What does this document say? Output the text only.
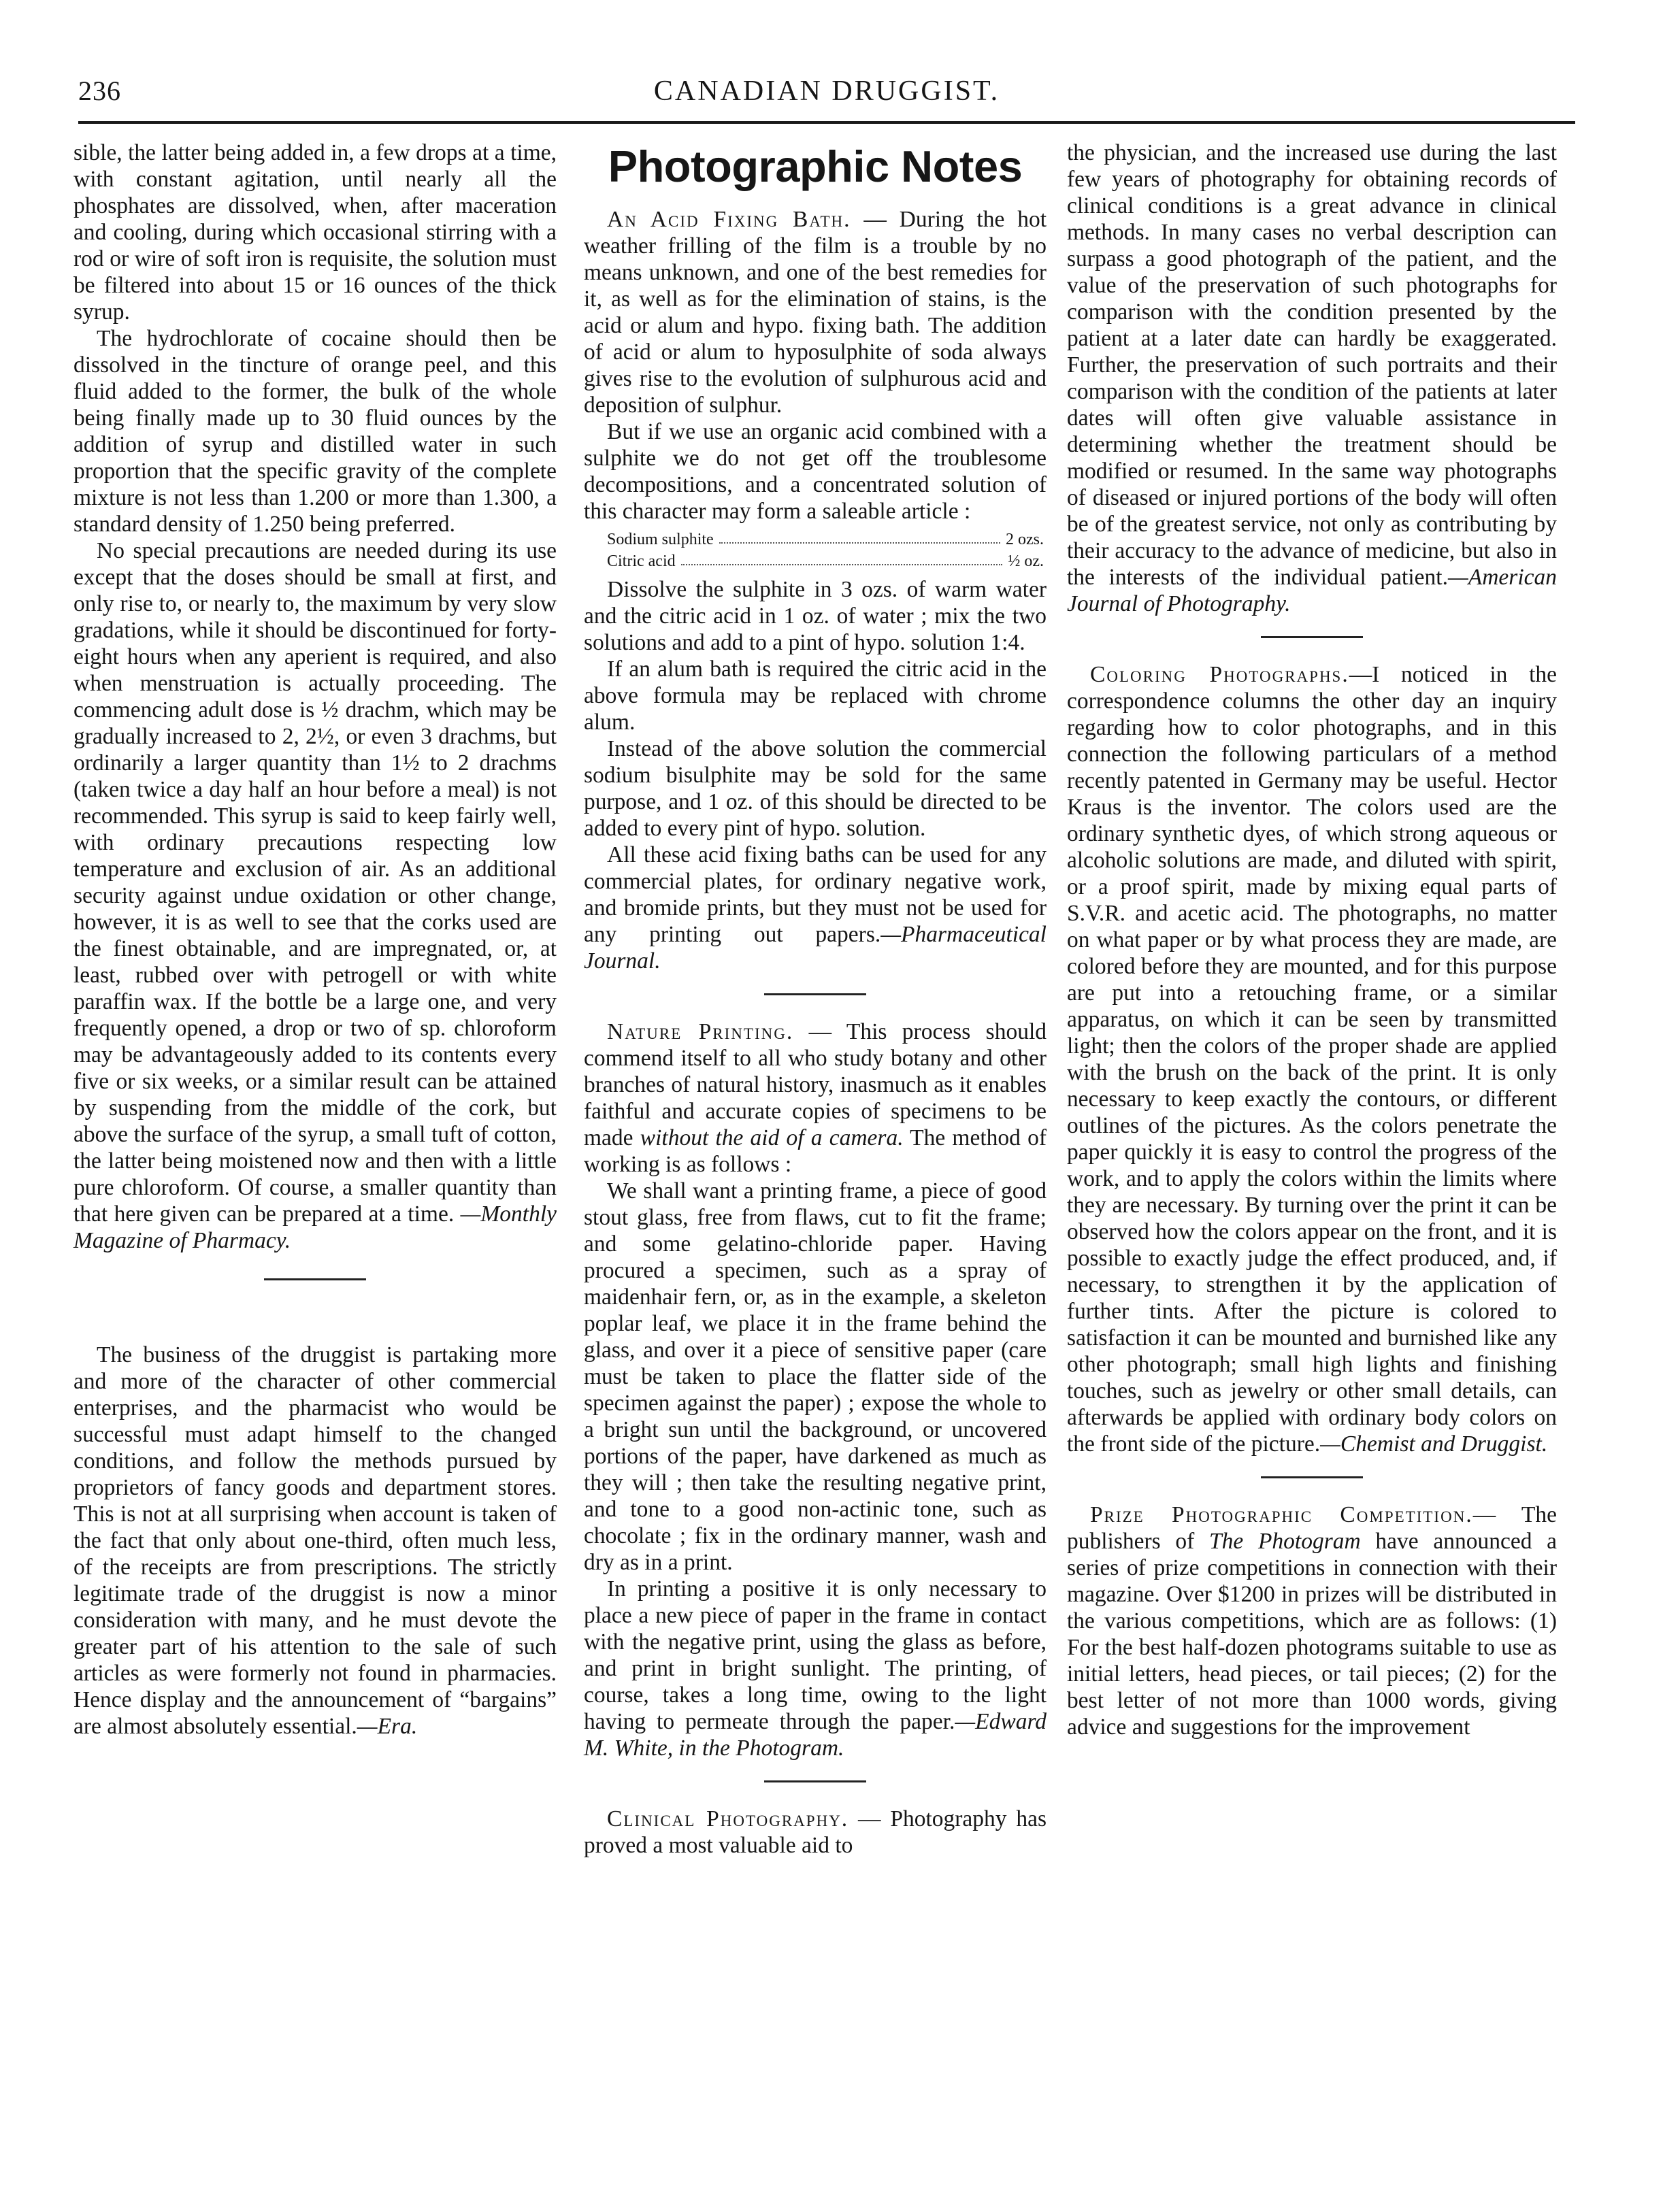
236	CANADIAN DRUGGIST.

sible, the latter being added in, a few drops at a time, with constant agitation, until nearly all the phosphates are dissolved, when, after maceration and cooling, during which occasional stirring with a rod or wire of soft iron is requisite, the solution must be filtered into about 15 or 16 ounces of the thick syrup.

The hydrochlorate of cocaine should then be dissolved in the tincture of orange peel, and this fluid added to the former, the bulk of the whole being finally made up to 30 fluid ounces by the addition of syrup and distilled water in such proportion that the specific gravity of the complete mixture is not less than 1.200 or more than 1.300, a standard density of 1.250 being preferred.

No special precautions are needed during its use except that the doses should be small at first, and only rise to, or nearly to, the maximum by very slow gradations, while it should be discontinued for forty-eight hours when any aperient is required, and also when menstruation is actually proceeding. The commencing adult dose is ½ drachm, which may be gradually increased to 2, 2½, or even 3 drachms, but ordinarily a larger quantity than 1½ to 2 drachms (taken twice a day half an hour before a meal) is not recommended. This syrup is said to keep fairly well, with ordinary precautions respecting low temperature and exclusion of air. As an additional security against undue oxidation or other change, however, it is as well to see that the corks used are the finest obtainable, and are impregnated, or, at least, rubbed over with petrogell or with white paraffin wax. If the bottle be a large one, and very frequently opened, a drop or two of sp. chloroform may be advantageously added to its contents every five or six weeks, or a similar result can be attained by suspending from the middle of the cork, but above the surface of the syrup, a small tuft of cotton, the latter being moistened now and then with a little pure chloroform. Of course, a smaller quantity than that here given can be prepared at a time. —Monthly Magazine of Pharmacy.

The business of the druggist is partaking more and more of the character of other commercial enterprises, and the pharmacist who would be successful must adapt himself to the changed conditions, and follow the methods pursued by proprietors of fancy goods and department stores. This is not at all surprising when account is taken of the fact that only about one-third, often much less, of the receipts are from prescriptions. The strictly legitimate trade of the druggist is now a minor consideration with many, and he must devote the greater part of his attention to the sale of such articles as were formerly not found in pharmacies. Hence display and the announcement of “bargains” are almost absolutely essential.—Era.

Photographic Notes

An Acid Fixing Bath. — During the hot weather frilling of the film is a trouble by no means unknown, and one of the best remedies for it, as well as for the elimination of stains, is the acid or alum and hypo. fixing bath. The addition of acid or alum to hyposulphite of soda always gives rise to the evolution of sulphurous acid and deposition of sulphur.

But if we use an organic acid combined with a sulphite we do not get off the troublesome decompositions, and a concentrated solution of this character may form a saleable article :

Sodium sulphite	2 ozs.
Citric acid	½ oz.

Dissolve the sulphite in 3 ozs. of warm water and the citric acid in 1 oz. of water ; mix the two solutions and add to a pint of hypo. solution 1:4.

If an alum bath is required the citric acid in the above formula may be replaced with chrome alum.

Instead of the above solution the commercial sodium bisulphite may be sold for the same purpose, and 1 oz. of this should be directed to be added to every pint of hypo. solution.

All these acid fixing baths can be used for any commercial plates, for ordinary negative work, and bromide prints, but they must not be used for any printing out papers.—Pharmaceutical Journal.

Nature Printing. — This process should commend itself to all who study botany and other branches of natural history, inasmuch as it enables faithful and accurate copies of specimens to be made without the aid of a camera. The method of working is as follows :

We shall want a printing frame, a piece of good stout glass, free from flaws, cut to fit the frame; and some gelatino-chloride paper. Having procured a specimen, such as a spray of maidenhair fern, or, as in the example, a skeleton poplar leaf, we place it in the frame behind the glass, and over it a piece of sensitive paper (care must be taken to place the flatter side of the specimen against the paper) ; expose the whole to a bright sun until the background, or uncovered portions of the paper, have darkened as much as they will ; then take the resulting negative print, and tone to a good non-actinic tone, such as chocolate ; fix in the ordinary manner, wash and dry as in a print.

In printing a positive it is only necessary to place a new piece of paper in the frame in contact with the negative print, using the glass as before, and print in bright sunlight. The printing, of course, takes a long time, owing to the light having to permeate through the paper.—Edward M. White, in the Photogram.

Clinical Photography. — Photography has proved a most valuable aid to

the physician, and the increased use during the last few years of photography for obtaining records of clinical conditions is a great advance in clinical methods. In many cases no verbal description can surpass a good photograph of the patient, and the value of the preservation of such photographs for comparison with the condition presented by the patient at a later date can hardly be exaggerated. Further, the preservation of such portraits and their comparison with the condition of the patients at later dates will often give valuable assistance in determining whether the treatment should be modified or resumed. In the same way photographs of diseased or injured portions of the body will often be of the greatest service, not only as contributing by their accuracy to the advance of medicine, but also in the interests of the individual patient.—American Journal of Photography.

Coloring Photographs.—I noticed in the correspondence columns the other day an inquiry regarding how to color photographs, and in this connection the following particulars of a method recently patented in Germany may be useful. Hector Kraus is the inventor. The colors used are the ordinary synthetic dyes, of which strong aqueous or alcoholic solutions are made, and diluted with spirit, or a proof spirit, made by mixing equal parts of S.V.R. and acetic acid. The photographs, no matter on what paper or by what process they are made, are colored before they are mounted, and for this purpose are put into a retouching frame, or a similar apparatus, on which it can be seen by transmitted light; then the colors of the proper shade are applied with the brush on the back of the print. It is only necessary to keep exactly the contours, or different outlines of the pictures. As the colors penetrate the paper quickly it is easy to control the progress of the work, and to apply the colors within the limits where they are necessary. By turning over the print it can be observed how the colors appear on the front, and it is possible to exactly judge the effect produced, and, if necessary, to strengthen it by the application of further tints. After the picture is colored to satisfaction it can be mounted and burnished like any other photograph; small high lights and finishing touches, such as jewelry or other small details, can afterwards be applied with ordinary body colors on the front side of the picture.—Chemist and Druggist.

Prize Photographic Competition.— The publishers of The Photogram have announced a series of prize competitions in connection with their magazine. Over $1200 in prizes will be distributed in the various competitions, which are as follows: (1) For the best half-dozen photograms suitable to use as initial letters, head pieces, or tail pieces; (2) for the best letter of not more than 1000 words, giving advice and suggestions for the improvement
